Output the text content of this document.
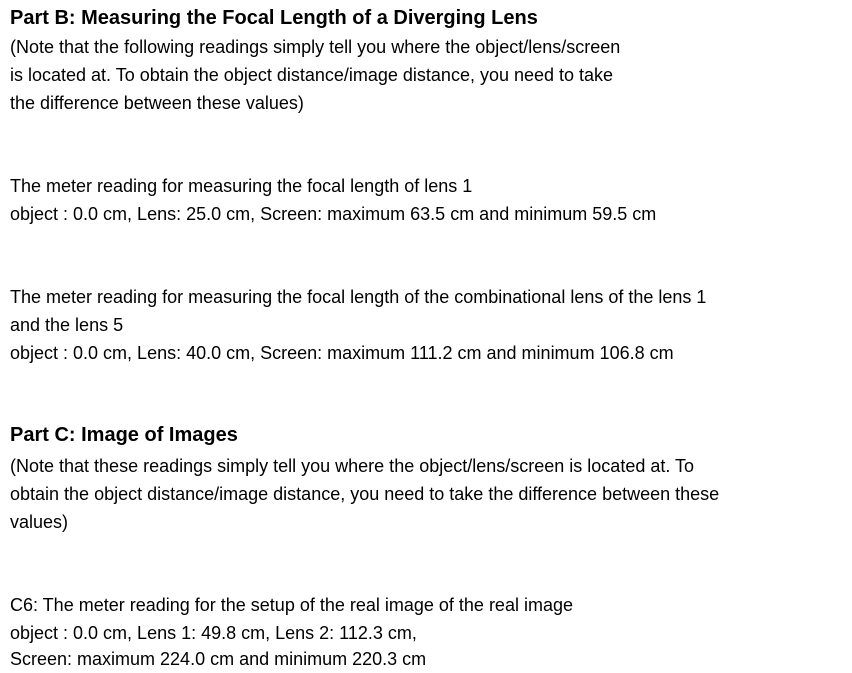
Part B: Measuring the Focal Length of a Diverging Lens
(Note that the following readings simply tell you where the object/lens/screen
is located at. To obtain the object distance/image distance, you need to take
the difference between these values)
The meter reading for measuring the focal length of lens 1
object : 0.0 cm, Lens: 25.0 cm, Screen: maximum 63.5 cm and minimum 59.5 cm
The meter reading for measuring the focal length of the combinational lens of the lens 1
and the lens 5
object : 0.0 cm, Lens: 40.0 cm, Screen: maximum 111.2 cm and minimum 106.8 cm
Part C: Image of Images
(Note that these readings simply tell you where the object/lens/screen is located at. To
obtain the object distance/image distance, you need to take the difference between these
values)
C6: The meter reading for the setup of the real image of the real image
object : 0.0 cm, Lens 1: 49.8 cm, Lens 2: 112.3 cm,
Screen: maximum 224.0 cm and minimum 220.3 cm
